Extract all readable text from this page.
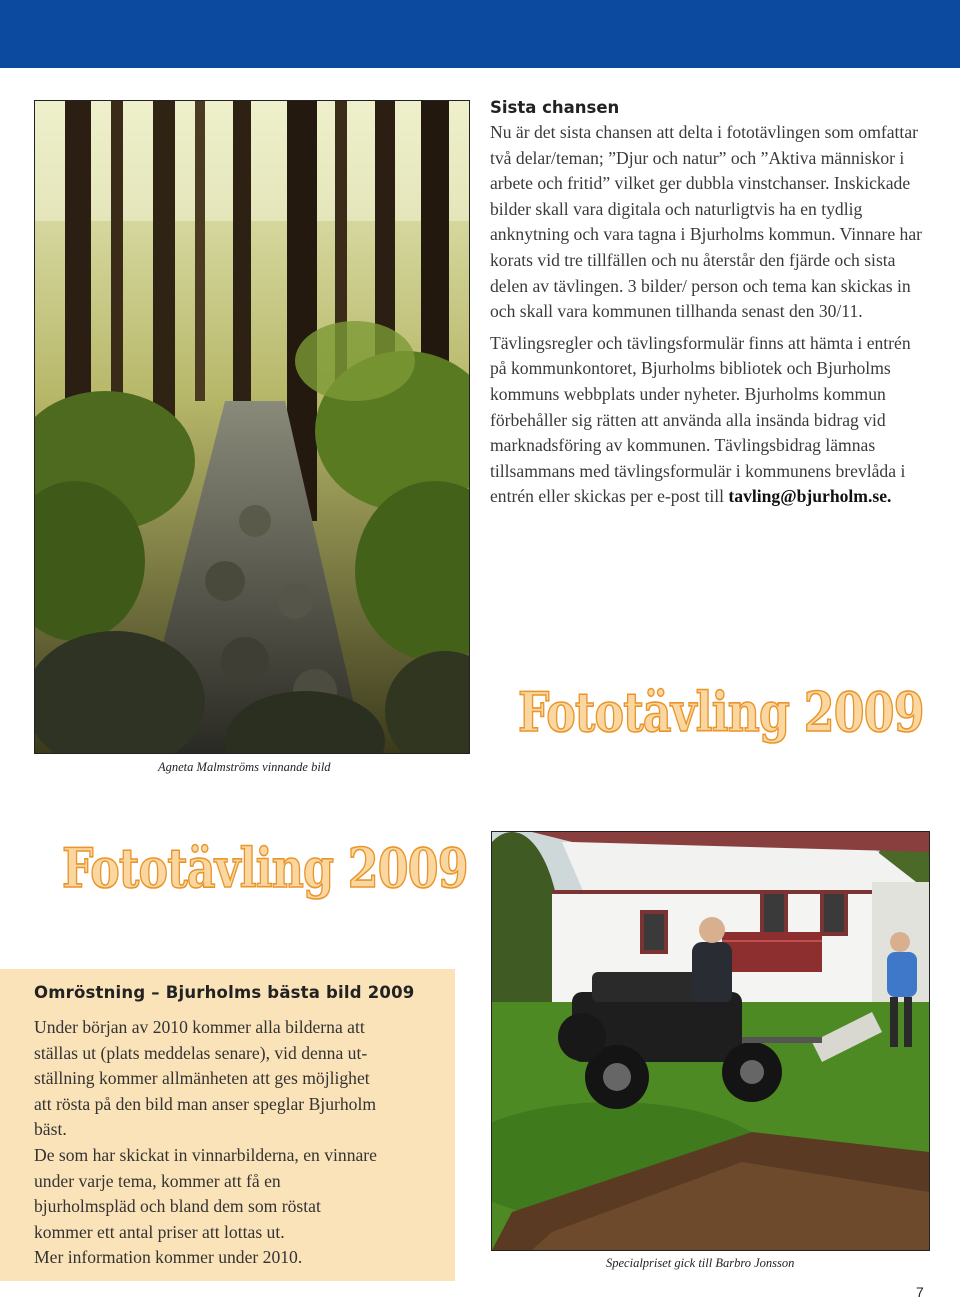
Agneta Malmströms vinnande bild
Sista chansen

Nu är det sista chansen att delta i fototävlingen som omfattar två delar/teman; ”Djur och natur” och ”Aktiva människor i arbete och fritid” vilket ger dubbla vinstchanser. Inskickade bilder skall vara digitala och naturligtvis ha en tydlig anknytning och vara tagna i Bjurholms kommun. Vinnare har korats vid tre tillfällen och nu återstår den fjärde och sista delen av tävlingen. 3 bilder/ person och tema kan skickas in och skall vara kommunen tillhanda senast den 30/11.

Tävlingsregler och tävlingsformulär finns att hämta i entrén på kommunkontoret, Bjurholms bibliotek och Bjurholms kommuns webbplats under nyheter. Bjurholms kommun förbehåller sig rätten att använda alla insända bidrag vid marknadsföring av kommunen. Tävlingsbidrag lämnas tillsammans med tävlingsformulär i kommunens brevlåda i entrén eller skickas per e-post till tavling@bjurholm.se.

Fototävling 2009
Fototävling 2009
Specialpriset gick till Barbro Jonsson
Omröstning – Bjurholms bästa bild 2009

Under början av 2010 kommer alla bilderna att

ställas ut (plats meddelas senare), vid denna ut-

ställning kommer allmänheten att ges möjlighet

att rösta på den bild man anser speglar Bjurholm

bäst.

De som har skickat in vinnarbilderna, en vinnare

under varje tema, kommer att få en

bjurholmspläd och bland dem som röstat

kommer ett antal priser att lottas ut.

Mer information kommer under 2010.

7
